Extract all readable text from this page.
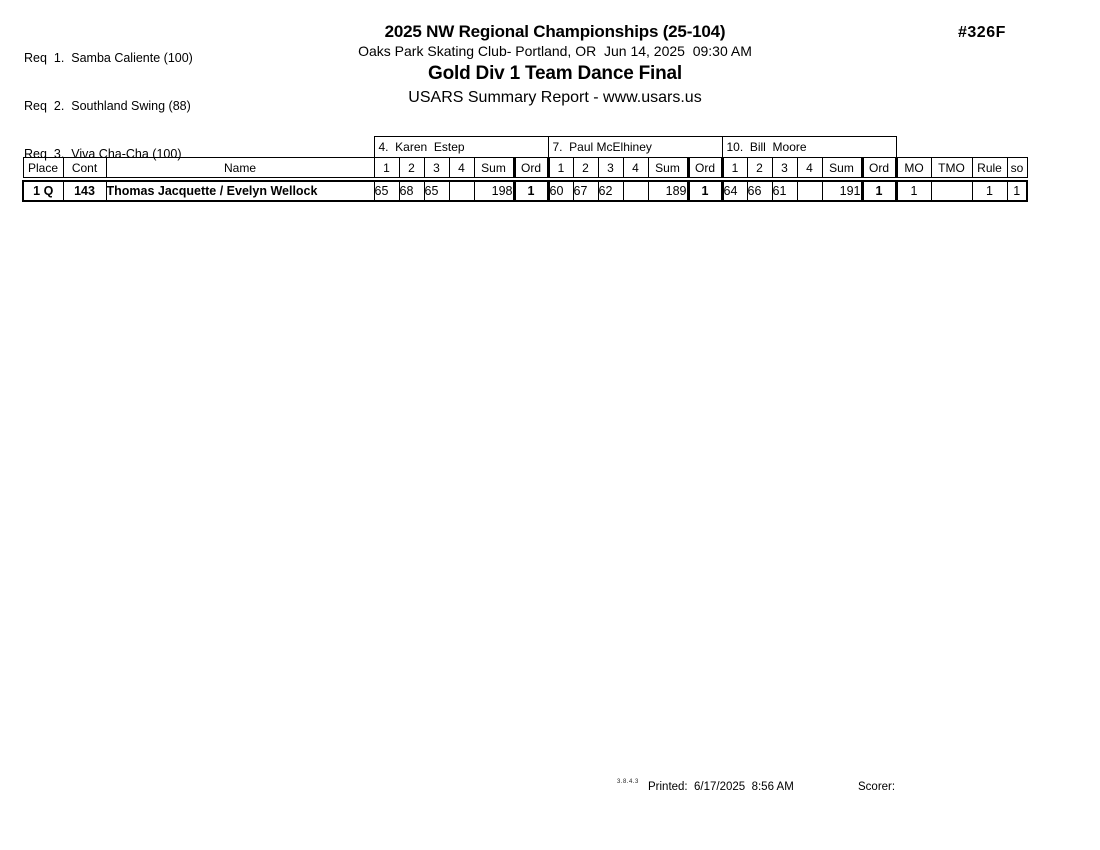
Req  1.  Samba Caliente (100)

Req  2.  Southland Swing (88)

Req  3.  Viva Cha-Cha (100)

2025 NW Regional Championships (25-104)
Oaks Park Skating Club- Portland, OR  Jun 14, 2025  09:30 AM
Gold Div 1 Team Dance Final
USARS Summary Report - www.usars.us
#326F
			4.  Karen  Estep						7.  Paul McElhiney						10.  Bill  Moore									
Place	Cont	Name	1	2	3	4	Sum	Ord	1	2	3	4	Sum	Ord	1	2	3	4	Sum	Ord	MO	TMO	Rule	so

1 Q	143	Thomas Jacquette / Evelyn Wellock	65	68	65		198	1	60	67	62		189	1	64	66	61		191	1	1		1	1
3.8.4.3 Printed:  6/17/2025  8:56 AM	Scorer:
